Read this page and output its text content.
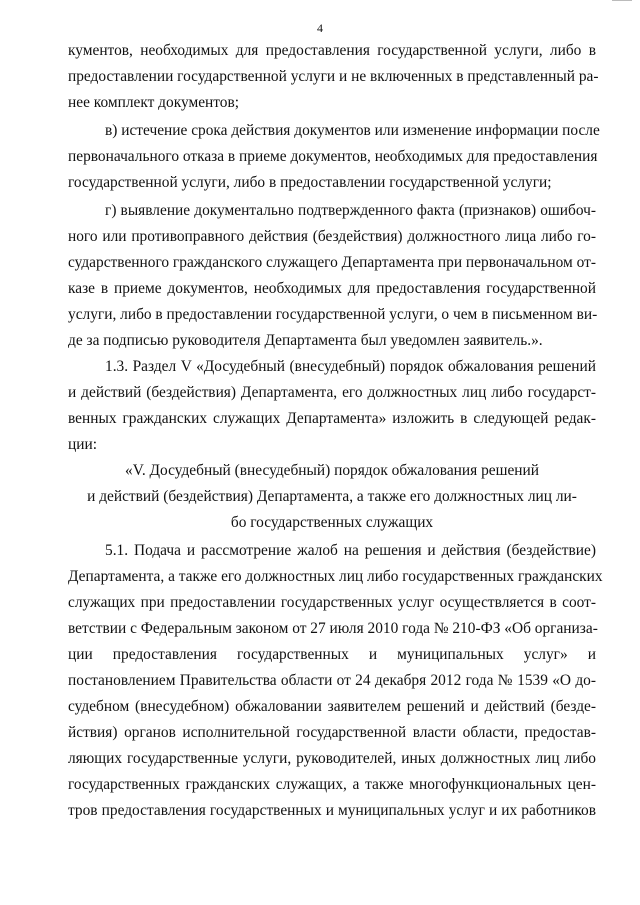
4
кументов, необходимых для предоставления государственной услуги, либо в
предоставлении государственной услуги и не включенных в представленный ра-
нее комплект документов;
в) истечение срока действия документов или изменение информации после
первоначального отказа в приеме документов, необходимых для предоставления
государственной услуги, либо в предоставлении государственной услуги;
г) выявление документально подтвержденного факта (признаков) ошибоч-
ного или противоправного действия (бездействия) должностного лица либо го-
сударственного гражданского служащего Департамента при первоначальном от-
казе в приеме документов, необходимых для предоставления государственной
услуги, либо в предоставлении государственной услуги, о чем в письменном ви-
де за подписью руководителя Департамента был уведомлен заявитель.».
1.3. Раздел V «Досудебный (внесудебный) порядок обжалования решений
и действий (бездействия) Департамента, его должностных лиц либо государст-
венных гражданских служащих Департамента» изложить в следующей редак-
ции:
«V. Досудебный (внесудебный) порядок обжалования решений
и действий (бездействия) Департамента, а также его должностных лиц ли-
бо государственных служащих
5.1. Подача и рассмотрение жалоб на решения и действия (бездействие)
Департамента, а также его должностных лиц либо государственных гражданских
служащих при предоставлении государственных услуг осуществляется в соот-
ветствии с Федеральным законом от 27 июля 2010 года № 210-ФЗ «Об организа-
ции предоставления государственных и муниципальных услуг» и
постановлением Правительства области от 24 декабря 2012 года № 1539 «О до-
судебном (внесудебном) обжаловании заявителем решений и действий (безде-
йствия) органов исполнительной государственной власти области, предостав-
ляющих государственные услуги, руководителей, иных должностных лиц либо
государственных гражданских служащих, а также многофункциональных цен-
тров предоставления государственных и муниципальных услуг и их работников
